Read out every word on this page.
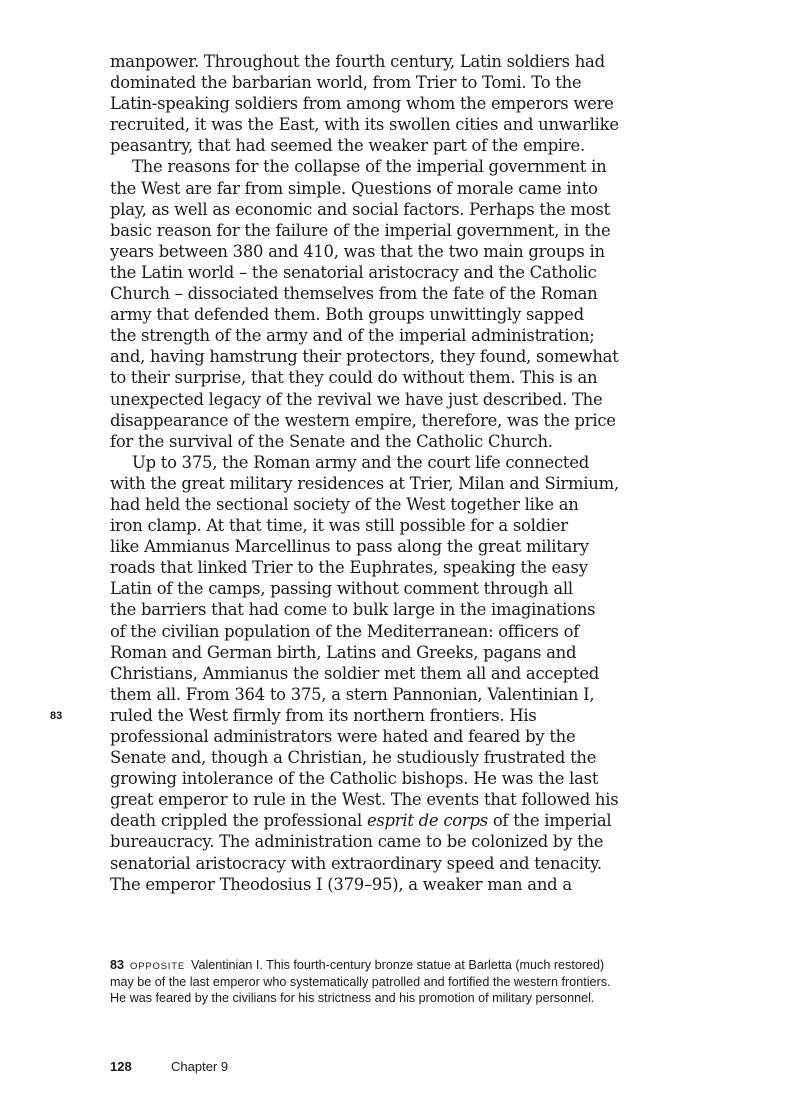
manpower. Throughout the fourth century, Latin soldiers had
dominated the barbarian world, from Trier to Tomi. To the
Latin-speaking soldiers from among whom the emperors were
recruited, it was the East, with its swollen cities and unwarlike
peasantry, that had seemed the weaker part of the empire.
The reasons for the collapse of the imperial government in
the West are far from simple. Questions of morale came into
play, as well as economic and social factors. Perhaps the most
basic reason for the failure of the imperial government, in the
years between 380 and 410, was that the two main groups in
the Latin world – the senatorial aristocracy and the Catholic
Church – dissociated themselves from the fate of the Roman
army that defended them. Both groups unwittingly sapped
the strength of the army and of the imperial administration;
and, having hamstrung their protectors, they found, somewhat
to their surprise, that they could do without them. This is an
unexpected legacy of the revival we have just described. The
disappearance of the western empire, therefore, was the price
for the survival of the Senate and the Catholic Church.
Up to 375, the Roman army and the court life connected
with the great military residences at Trier, Milan and Sirmium,
had held the sectional society of the West together like an
iron clamp. At that time, it was still possible for a soldier
like Ammianus Marcellinus to pass along the great military
roads that linked Trier to the Euphrates, speaking the easy
Latin of the camps, passing without comment through all
the barriers that had come to bulk large in the imaginations
of the civilian population of the Mediterranean: officers of
Roman and German birth, Latins and Greeks, pagans and
Christians, Ammianus the soldier met them all and accepted
them all. From 364 to 375, a stern Pannonian, Valentinian I,
ruled the West firmly from its northern frontiers. His
professional administrators were hated and feared by the
Senate and, though a Christian, he studiously frustrated the
growing intolerance of the Catholic bishops. He was the last
great emperor to rule in the West. The events that followed his
death crippled the professional esprit de corps of the imperial
bureaucracy. The administration came to be colonized by the
senatorial aristocracy with extraordinary speed and tenacity.
The emperor Theodosius I (379–95), a weaker man and a
83
83 OPPOSITE Valentinian I. This fourth-century bronze statue at Barletta (much restored) may be of the last emperor who systematically patrolled and fortified the western frontiers. He was feared by the civilians for his strictness and his promotion of military personnel.
128	Chapter 9
